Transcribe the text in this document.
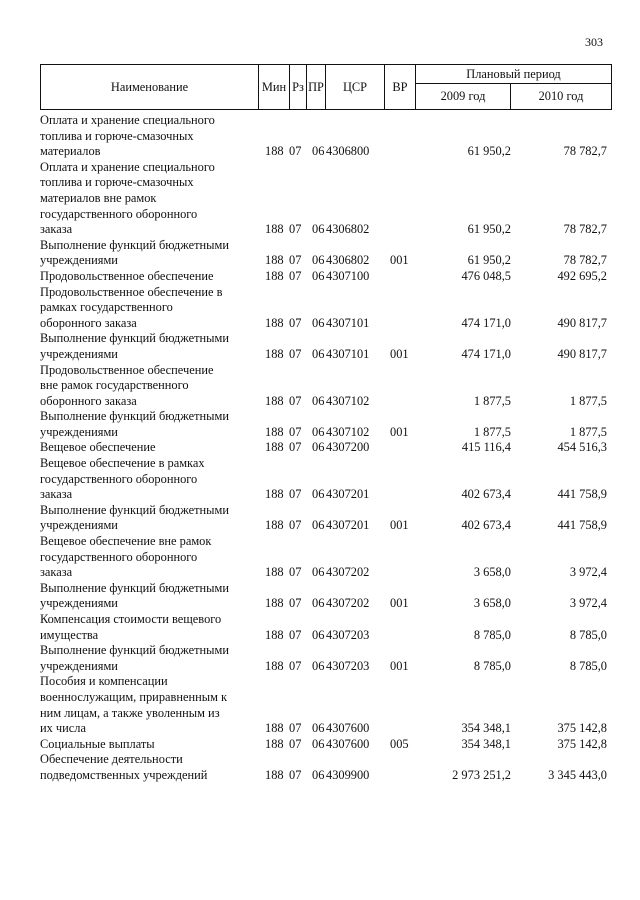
303
Наименование	Мин Рз ПР	ЦСР	ВР
Плановый период
2009 год	2010 год
Оплата и хранение специального
топлива и горюче-смазочных
материалов	188 07 06 4306800	61 950,2	78 782,7
Оплата и хранение специального
топлива и горюче-смазочных
материалов вне рамок
государственного оборонного
заказа	188 07 06 4306802	61 950,2	78 782,7
Выполнение функций бюджетными
учреждениями	188 07 06 4306802 001	61 950,2	78 782,7
Продовольственное обеспечение	188 07 06 4307100	476 048,5	492 695,2
Продовольственное обеспечение в
рамках государственного
оборонного заказа	188 07 06 4307101	474 171,0	490 817,7
Выполнение функций бюджетными
учреждениями	188 07 06 4307101 001	474 171,0	490 817,7
Продовольственное обеспечение
вне рамок государственного
оборонного заказа	188 07 06 4307102	1 877,5	1 877,5
Выполнение функций бюджетными
учреждениями	188 07 06 4307102 001	1 877,5	1 877,5
Вещевое обеспечение	188 07 06 4307200	415 116,4	454 516,3
Вещевое обеспечение в рамках
государственного оборонного
заказа	188 07 06 4307201	402 673,4	441 758,9
Выполнение функций бюджетными
учреждениями	188 07 06 4307201 001	402 673,4	441 758,9
Вещевое обеспечение вне рамок
государственного оборонного
заказа	188 07 06 4307202	3 658,0	3 972,4
Выполнение функций бюджетными
учреждениями	188 07 06 4307202 001	3 658,0	3 972,4
Компенсация стоимости вещевого
имущества	188 07 06 4307203	8 785,0	8 785,0
Выполнение функций бюджетными
учреждениями	188 07 06 4307203 001	8 785,0	8 785,0
Пособия и компенсации
военнослужащим, приравненным к
ним лицам, а также уволенным из
их числа	188 07 06 4307600	354 348,1	375 142,8
Социальные выплаты	188 07 06 4307600 005	354 348,1	375 142,8
Обеспечение деятельности
подведомственных учреждений	188 07 06 4309900	2 973 251,2	3 345 443,0
